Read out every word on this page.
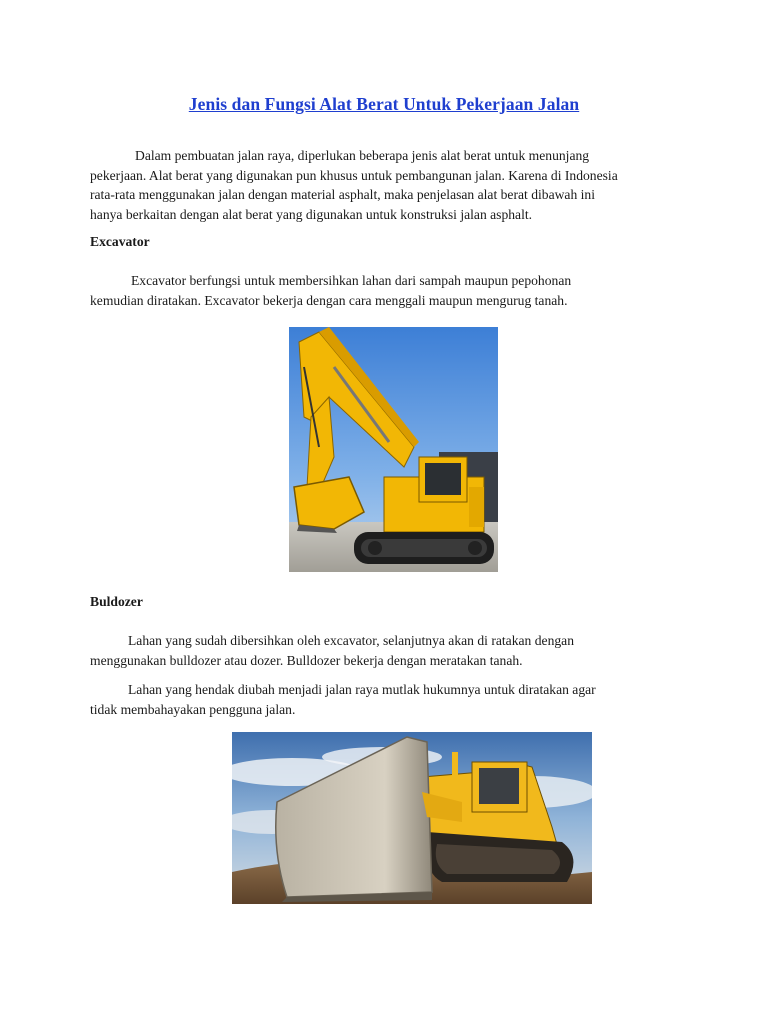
Jenis dan Fungsi Alat Berat Untuk Pekerjaan Jalan
Dalam pembuatan jalan raya, diperlukan beberapa jenis alat berat untuk menunjang
pekerjaan. Alat berat yang digunakan pun khusus untuk pembangunan jalan. Karena di Indonesia
rata-rata menggunakan jalan dengan material asphalt, maka penjelasan alat berat dibawah ini
hanya berkaitan dengan alat berat yang digunakan untuk konstruksi jalan asphalt.
Excavator
Excavator berfungsi untuk membersihkan lahan dari sampah maupun pepohonan
kemudian diratakan. Excavator bekerja dengan cara menggali maupun mengurug tanah.
Buldozer
Lahan yang sudah dibersihkan oleh excavator, selanjutnya akan di ratakan dengan
menggunakan bulldozer atau dozer. Bulldozer bekerja dengan meratakan tanah.
Lahan yang hendak diubah menjadi jalan raya mutlak hukumnya untuk diratakan agar
tidak membahayakan pengguna jalan.
